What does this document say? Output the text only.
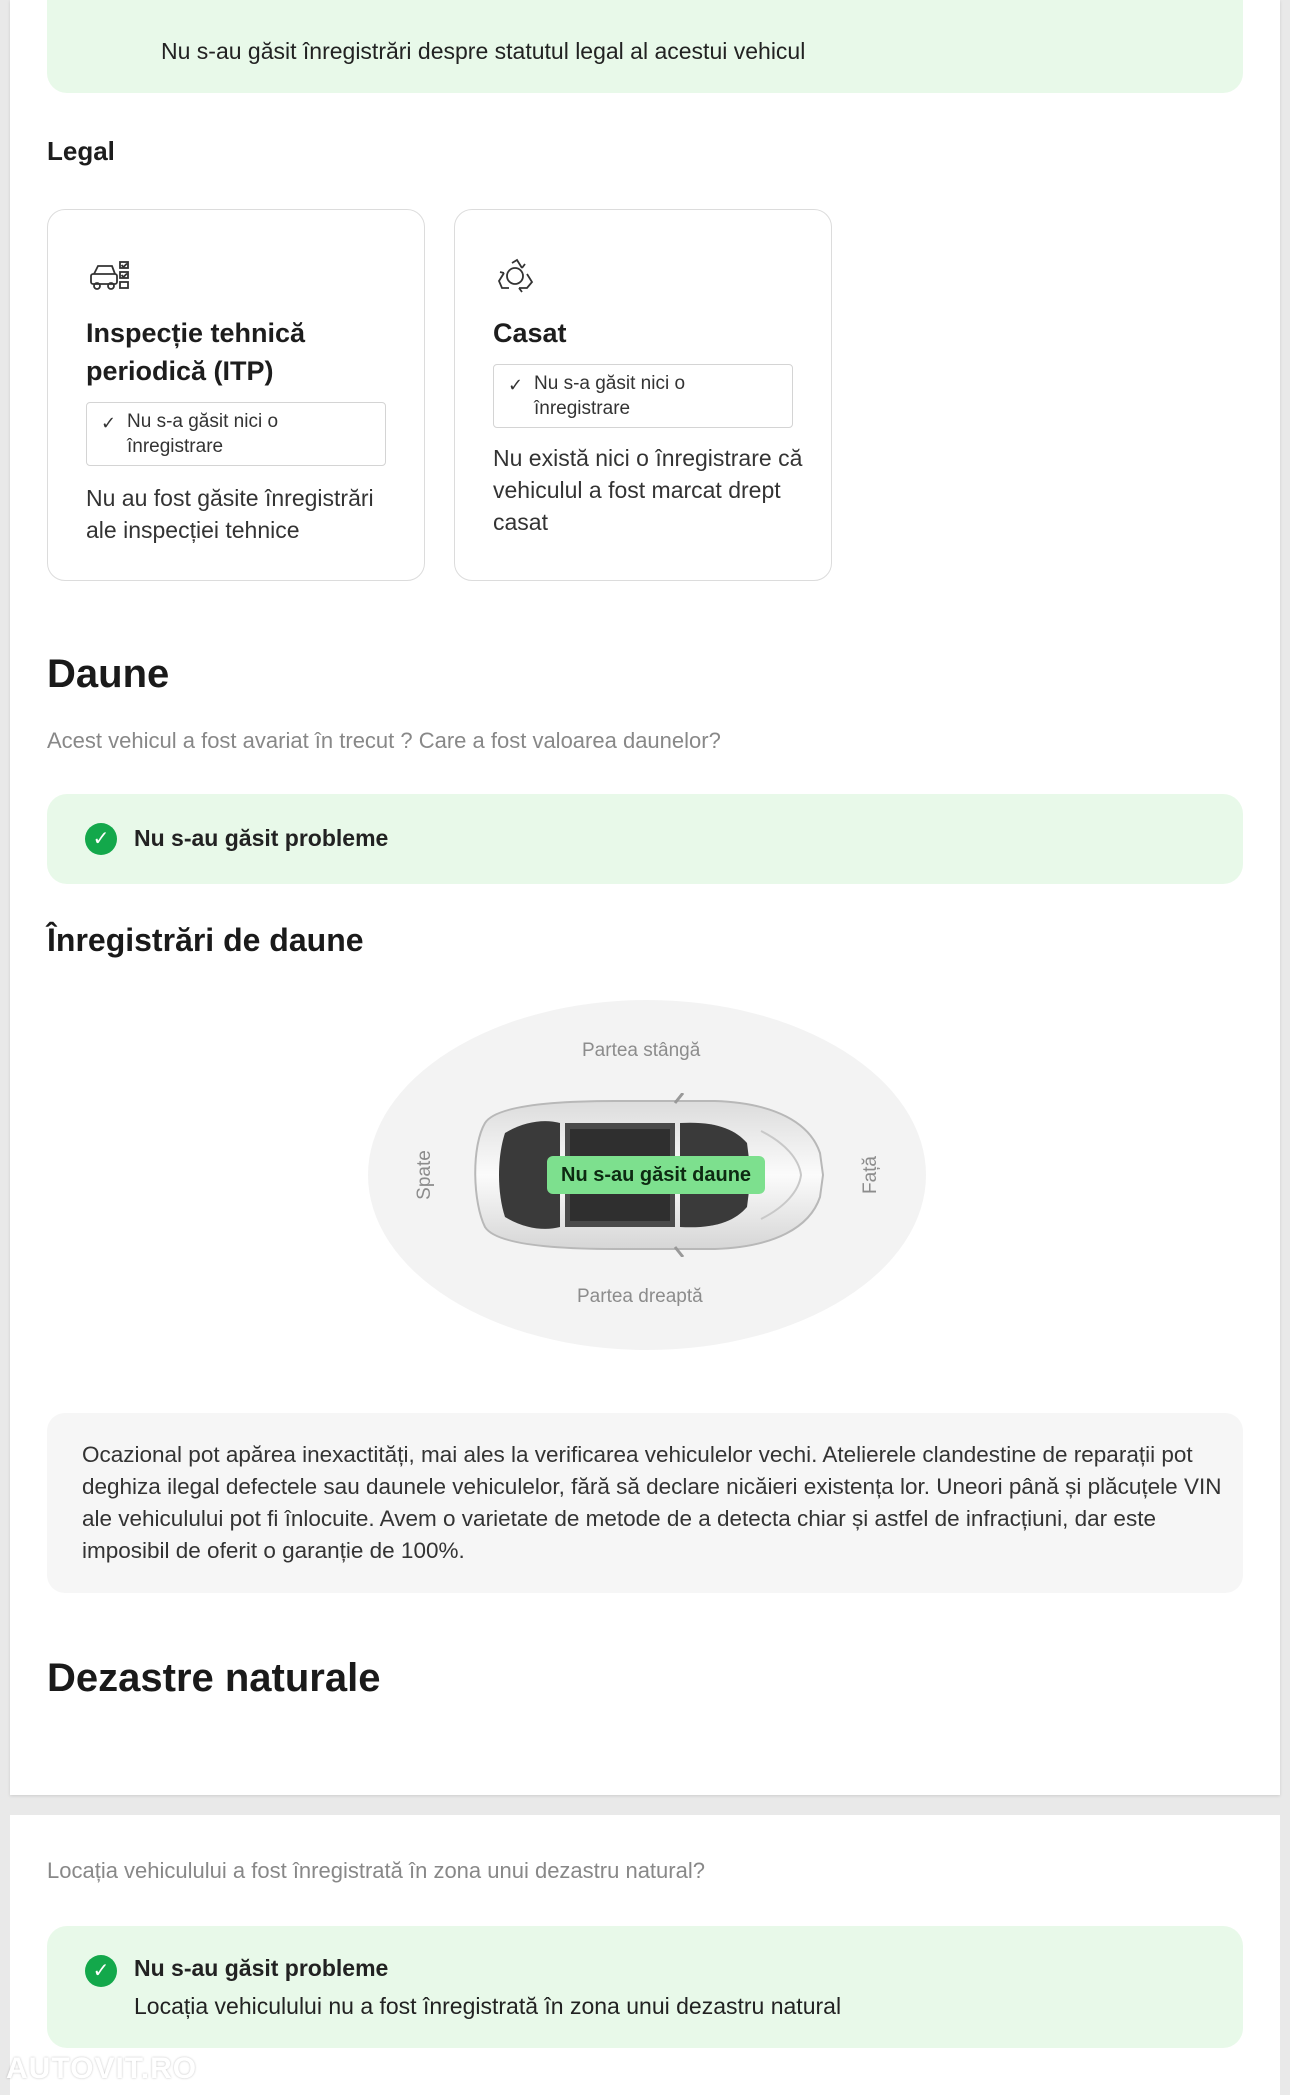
Nu s-au găsit înregistrări despre statutul legal al acestui vehicul
Legal
Inspecție tehnică periodică (ITP)
✓ Nu s-a găsit nici o înregistrare
Nu au fost găsite înregistrări ale inspecției tehnice
Casat
✓ Nu s-a găsit nici o înregistrare
Nu există nici o înregistrare că vehiculul a fost marcat drept casat
Daune
Acest vehicul a fost avariat în trecut ? Care a fost valoarea daunelor?
✓	Nu s-au găsit probleme
Înregistrări de daune
Partea stângă
Partea dreaptă
Spate	Față
Nu s-au găsit daune
Ocazional pot apărea inexactități, mai ales la verificarea vehiculelor vechi. Atelierele clandestine de reparații pot deghiza ilegal defectele sau daunele vehiculelor, fără să declare nicăieri existența lor. Uneori până și plăcuțele VIN ale vehiculului pot fi înlocuite. Avem o varietate de metode de a detecta chiar și astfel de infracțiuni, dar este imposibil de oferit o garanție de 100%.
Dezastre naturale
Locația vehiculului a fost înregistrată în zona unui dezastru natural?
✓	Nu s-au găsit probleme
Locația vehiculului nu a fost înregistrată în zona unui dezastru natural
AUTOVIT.RO
